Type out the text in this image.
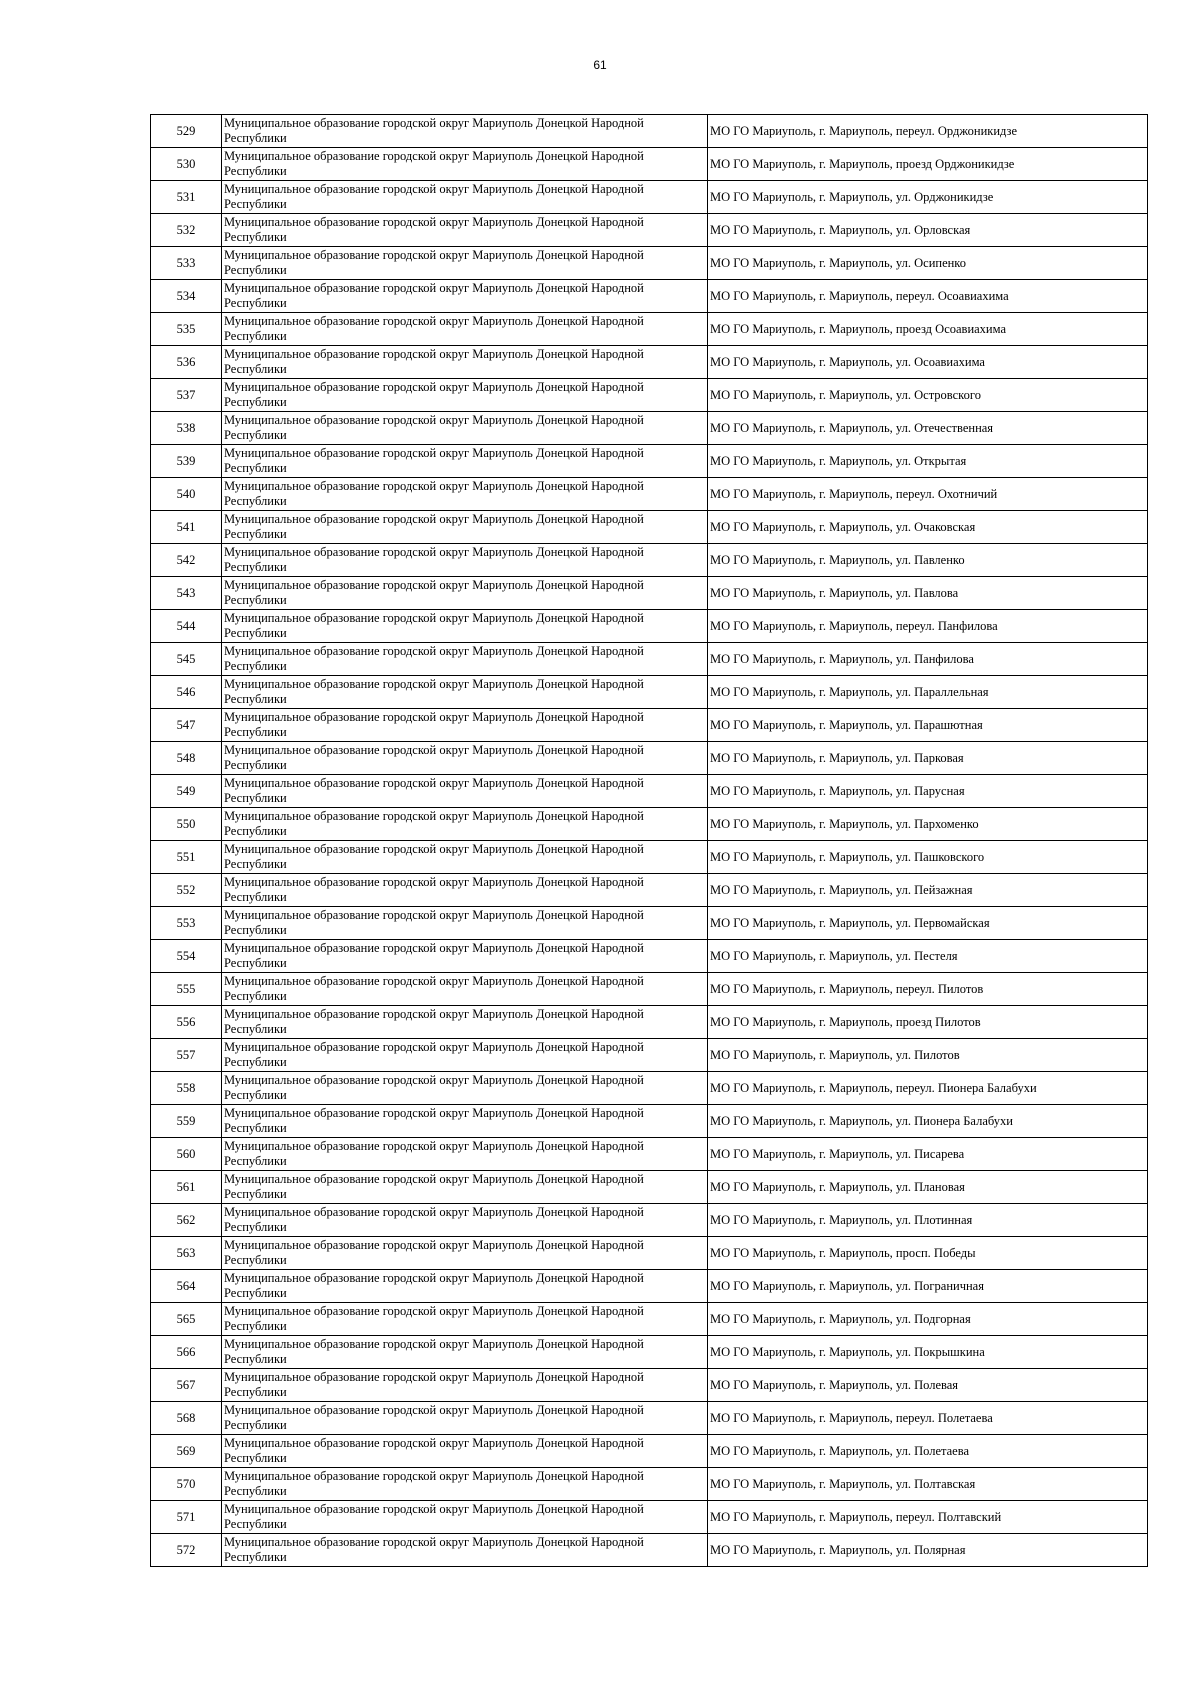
61
529	Муниципальное образование городской округ Мариуполь Донецкой Народной Республики	МО ГО Мариуполь, г. Мариуполь, переул. Орджоникидзе
530	Муниципальное образование городской округ Мариуполь Донецкой Народной Республики	МО ГО Мариуполь, г. Мариуполь, проезд Орджоникидзе
531	Муниципальное образование городской округ Мариуполь Донецкой Народной Республики	МО ГО Мариуполь, г. Мариуполь, ул. Орджоникидзе
532	Муниципальное образование городской округ Мариуполь Донецкой Народной Республики	МО ГО Мариуполь, г. Мариуполь, ул. Орловская
533	Муниципальное образование городской округ Мариуполь Донецкой Народной Республики	МО ГО Мариуполь, г. Мариуполь, ул. Осипенко
534	Муниципальное образование городской округ Мариуполь Донецкой Народной Республики	МО ГО Мариуполь, г. Мариуполь, переул. Осоавиахима
535	Муниципальное образование городской округ Мариуполь Донецкой Народной Республики	МО ГО Мариуполь, г. Мариуполь, проезд Осоавиахима
536	Муниципальное образование городской округ Мариуполь Донецкой Народной Республики	МО ГО Мариуполь, г. Мариуполь, ул. Осоавиахима
537	Муниципальное образование городской округ Мариуполь Донецкой Народной Республики	МО ГО Мариуполь, г. Мариуполь, ул. Островского
538	Муниципальное образование городской округ Мариуполь Донецкой Народной Республики	МО ГО Мариуполь, г. Мариуполь, ул. Отечественная
539	Муниципальное образование городской округ Мариуполь Донецкой Народной Республики	МО ГО Мариуполь, г. Мариуполь, ул. Открытая
540	Муниципальное образование городской округ Мариуполь Донецкой Народной Республики	МО ГО Мариуполь, г. Мариуполь, переул. Охотничий
541	Муниципальное образование городской округ Мариуполь Донецкой Народной Республики	МО ГО Мариуполь, г. Мариуполь, ул. Очаковская
542	Муниципальное образование городской округ Мариуполь Донецкой Народной Республики	МО ГО Мариуполь, г. Мариуполь, ул. Павленко
543	Муниципальное образование городской округ Мариуполь Донецкой Народной Республики	МО ГО Мариуполь, г. Мариуполь, ул. Павлова
544	Муниципальное образование городской округ Мариуполь Донецкой Народной Республики	МО ГО Мариуполь, г. Мариуполь, переул. Панфилова
545	Муниципальное образование городской округ Мариуполь Донецкой Народной Республики	МО ГО Мариуполь, г. Мариуполь, ул. Панфилова
546	Муниципальное образование городской округ Мариуполь Донецкой Народной Республики	МО ГО Мариуполь, г. Мариуполь, ул. Параллельная
547	Муниципальное образование городской округ Мариуполь Донецкой Народной Республики	МО ГО Мариуполь, г. Мариуполь, ул. Парашютная
548	Муниципальное образование городской округ Мариуполь Донецкой Народной Республики	МО ГО Мариуполь, г. Мариуполь, ул. Парковая
549	Муниципальное образование городской округ Мариуполь Донецкой Народной Республики	МО ГО Мариуполь, г. Мариуполь, ул. Парусная
550	Муниципальное образование городской округ Мариуполь Донецкой Народной Республики	МО ГО Мариуполь, г. Мариуполь, ул. Пархоменко
551	Муниципальное образование городской округ Мариуполь Донецкой Народной Республики	МО ГО Мариуполь, г. Мариуполь, ул. Пашковского
552	Муниципальное образование городской округ Мариуполь Донецкой Народной Республики	МО ГО Мариуполь, г. Мариуполь, ул. Пейзажная
553	Муниципальное образование городской округ Мариуполь Донецкой Народной Республики	МО ГО Мариуполь, г. Мариуполь, ул. Первомайская
554	Муниципальное образование городской округ Мариуполь Донецкой Народной Республики	МО ГО Мариуполь, г. Мариуполь, ул. Пестеля
555	Муниципальное образование городской округ Мариуполь Донецкой Народной Республики	МО ГО Мариуполь, г. Мариуполь, переул. Пилотов
556	Муниципальное образование городской округ Мариуполь Донецкой Народной Республики	МО ГО Мариуполь, г. Мариуполь, проезд Пилотов
557	Муниципальное образование городской округ Мариуполь Донецкой Народной Республики	МО ГО Мариуполь, г. Мариуполь, ул. Пилотов
558	Муниципальное образование городской округ Мариуполь Донецкой Народной Республики	МО ГО Мариуполь, г. Мариуполь, переул. Пионера Балабухи
559	Муниципальное образование городской округ Мариуполь Донецкой Народной Республики	МО ГО Мариуполь, г. Мариуполь, ул. Пионера Балабухи
560	Муниципальное образование городской округ Мариуполь Донецкой Народной Республики	МО ГО Мариуполь, г. Мариуполь, ул. Писарева
561	Муниципальное образование городской округ Мариуполь Донецкой Народной Республики	МО ГО Мариуполь, г. Мариуполь, ул. Плановая
562	Муниципальное образование городской округ Мариуполь Донецкой Народной Республики	МО ГО Мариуполь, г. Мариуполь, ул. Плотинная
563	Муниципальное образование городской округ Мариуполь Донецкой Народной Республики	МО ГО Мариуполь, г. Мариуполь, просп. Победы
564	Муниципальное образование городской округ Мариуполь Донецкой Народной Республики	МО ГО Мариуполь, г. Мариуполь, ул. Пограничная
565	Муниципальное образование городской округ Мариуполь Донецкой Народной Республики	МО ГО Мариуполь, г. Мариуполь, ул. Подгорная
566	Муниципальное образование городской округ Мариуполь Донецкой Народной Республики	МО ГО Мариуполь, г. Мариуполь, ул. Покрышкина
567	Муниципальное образование городской округ Мариуполь Донецкой Народной Республики	МО ГО Мариуполь, г. Мариуполь, ул. Полевая
568	Муниципальное образование городской округ Мариуполь Донецкой Народной Республики	МО ГО Мариуполь, г. Мариуполь, переул. Полетаева
569	Муниципальное образование городской округ Мариуполь Донецкой Народной Республики	МО ГО Мариуполь, г. Мариуполь, ул. Полетаева
570	Муниципальное образование городской округ Мариуполь Донецкой Народной Республики	МО ГО Мариуполь, г. Мариуполь, ул. Полтавская
571	Муниципальное образование городской округ Мариуполь Донецкой Народной Республики	МО ГО Мариуполь, г. Мариуполь, переул. Полтавский
572	Муниципальное образование городской округ Мариуполь Донецкой Народной Республики	МО ГО Мариуполь, г. Мариуполь, ул. Полярная
